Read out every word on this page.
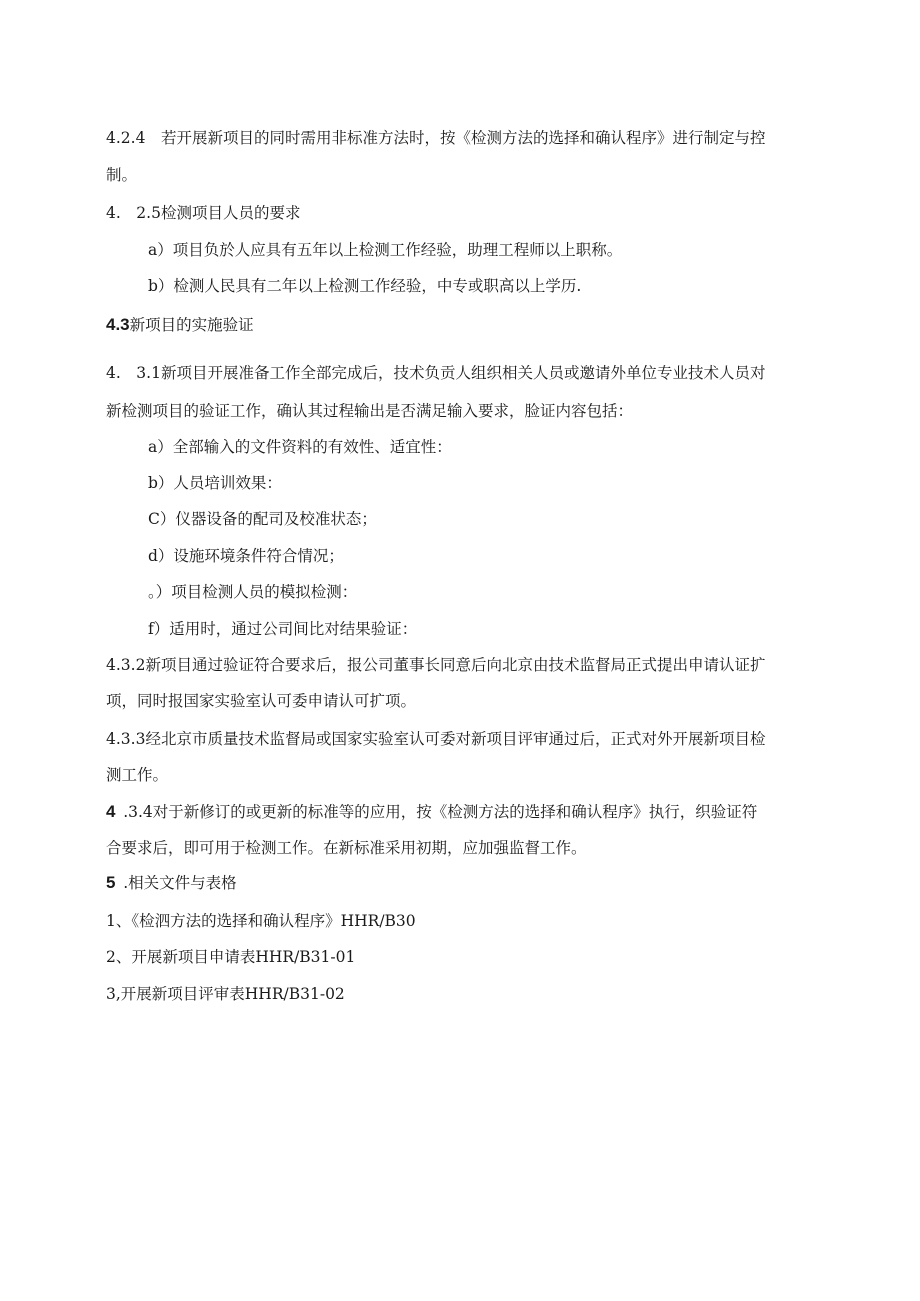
4.2.4　若开展新项目的同时需用非标准方法时，按《检测方法的选择和确认程序》进行制定与控
制。
4.　2.5检测项目人员的要求
a）项目负於人应具有五年以上检测工作经验，助理工程师以上职称。
b）检测人民具有二年以上检测工作经验，中专或职高以上学历.
4.3新项目的实施验证
4.　3.1新项目开展准备工作全部完成后，技术负贡人组织相关人员或邀请外单位专业技术人员对
新检测项目的验证工作，确认其过程输出是否满足输入要求，脸证内容包括：
a）全部输入的文件资料的有效性、适宜性：
b）人员培训效果：
C）仪器设备的配司及校准状态；
d）设施环境条件符合情况；
。）项目检测人员的模拟检测：
f）适用时，通过公司间比对结果验证：
4.3.2新项目通过验证符合要求后，报公司董事长同意后向北京由技术监督局正式提出申请认证扩
项，同时报国家实验室认可委申请认可扩项。
4.3.3经北京市质量技术监督局或国家实验室认可委对新项目评审通过后，正式对外开展新项目检
测工作。
4 .3.4对于新修订的或更新的标准等的应用，按《检测方法的选择和确认程序》执行，织验证符
合要求后，即可用于检测工作。在新标准采用初期，应加强监督工作。
5 .相关文件与表格
1、《检泗方法的选择和确认程序》HHR/B30
2、开展新项目申请表HHR/B31-01
3,开展新项目评审表HHR/B31-02
